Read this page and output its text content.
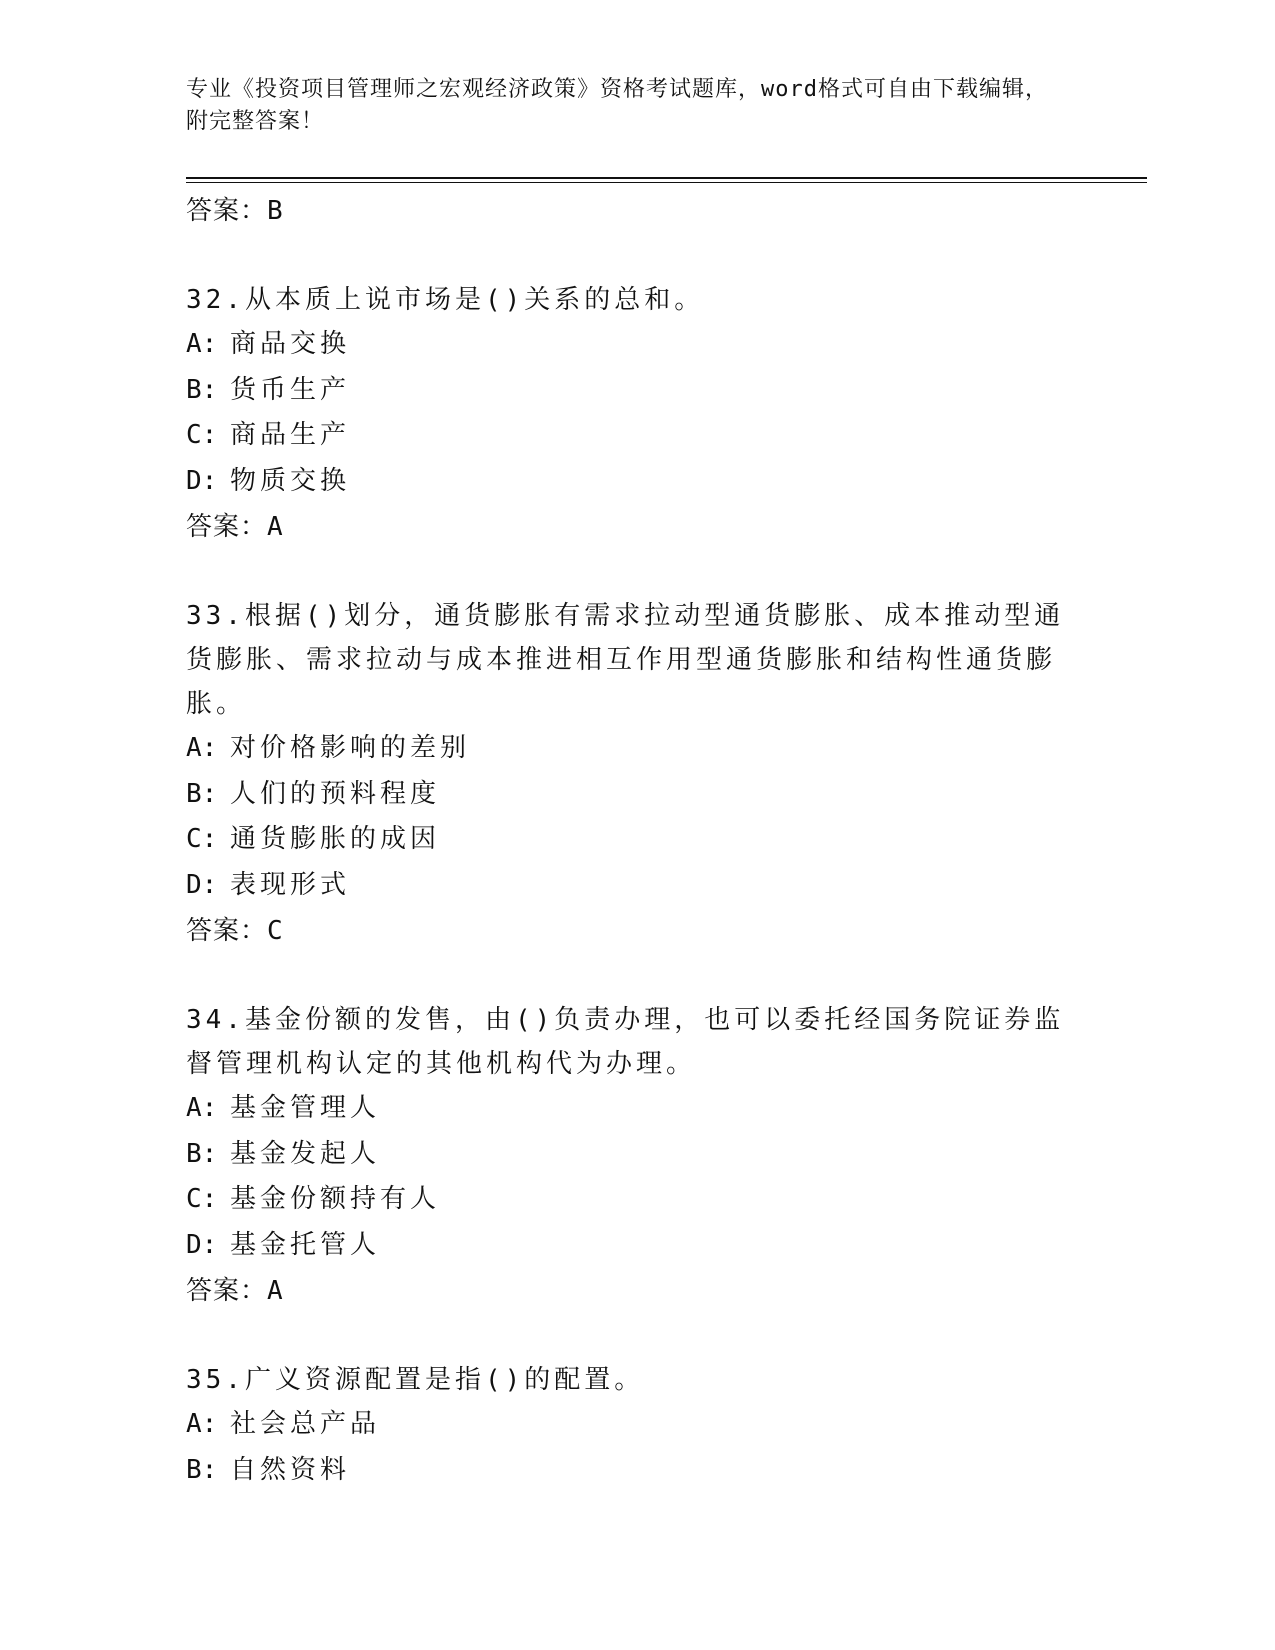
专业《投资项目管理师之宏观经济政策》资格考试题库，word格式可自由下载编辑，附完整答案！
答案：B
32.从本质上说市场是()关系的总和。
A: 商品交换
B: 货币生产
C: 商品生产
D: 物质交换
答案：A
33.根据()划分，通货膨胀有需求拉动型通货膨胀、成本推动型通货膨胀、需求拉动与成本推进相互作用型通货膨胀和结构性通货膨胀。
A: 对价格影响的差别
B: 人们的预料程度
C: 通货膨胀的成因
D: 表现形式
答案：C
34.基金份额的发售，由()负责办理，也可以委托经国务院证券监督管理机构认定的其他机构代为办理。
A: 基金管理人
B: 基金发起人
C: 基金份额持有人
D: 基金托管人
答案：A
35.广义资源配置是指()的配置。
A: 社会总产品
B: 自然资料
